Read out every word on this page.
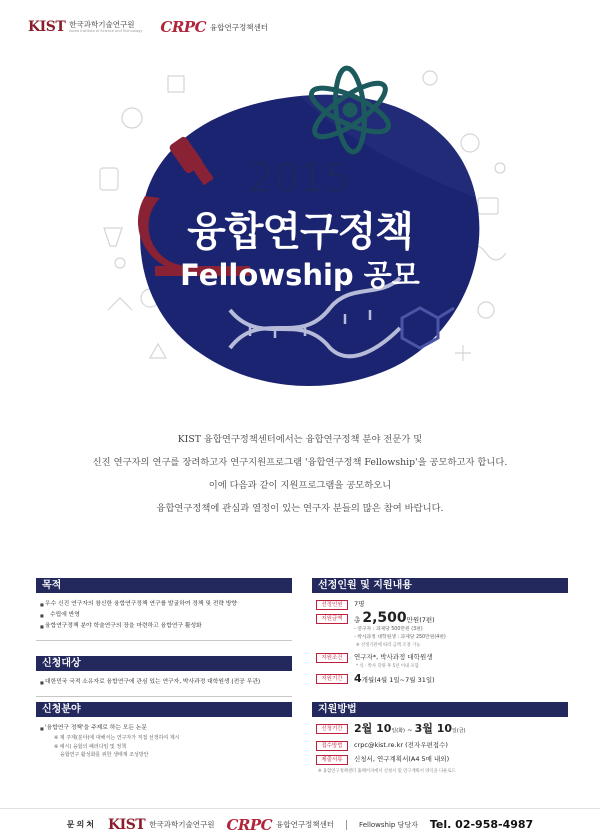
KIST 한국과학기술연구원
Korea Institute of Science and Technology CRPC 융합연구정책센터
2015
융합연구정책
Fellowship 공모
KIST 융합연구정책센터에서는 융합연구정책 분야 전문가 및
신진 연구자의 연구를 장려하고자 연구지원프로그램 '융합연구정책 Fellowship'을 공모하고자 합니다.
이에 다음과 같이 지원프로그램을 공모하오니
융합연구정책에 관심과 열정이 있는 연구자 분들의 많은 참여 바랍니다.
목적
■ 우수 신진 연구자의 참신한 융합연구정책 연구를 발굴하여 정책 및 전략 방향
■ 수립에 반영
■ 융합연구정책 분야 학술연구의 장을 마련하고 융합연구 활성화
신청대상
■ 대한민국 국적 소유자로 융합연구에 관심 있는 연구자, 박사과정 대학원생 (전공 무관)
신청분야
■ '융합연구 정책'을 주제로 하는 모든 논문
※ 제 주제(분야)에 대해서는 연구자가 직접 선정하여 제시
※ 예시) 융합의 패러다임 및 정책
융합연구 활성화를 위한 생태계 조성방안
선정인원 및 지원내용
선정인원	7명
지원금액	총 2,500만원(7편)
- 연구자 : 과제당 500만원 (3편)
- 박사과정 대학원생 : 과제당 250만원(4편)
※ 선정기관에 따라 금액 조정 가능
지원조건	연구자*, 박사과정 대학원생
* 석 · 박사 학위 후 5년 이내 포함
지원기간	4개월(4월 1일~7월 31일)
지원방법
신청기간	2월 10일(화) ~ 3월 10일(금)
접수방법	crpc@kist.re.kr (전자우편접수)
제출서류	신청서, 연구계획서(A4 5매 내외)
※ 융합연구정책센터 홈페이지에서 신청서 및 연구계획서 양식을 다운로드
문의처 KIST 한국과학기술연구원 CRPC 융합연구정책센터	Fellowship 담당자 Tel. 02-958-4987
